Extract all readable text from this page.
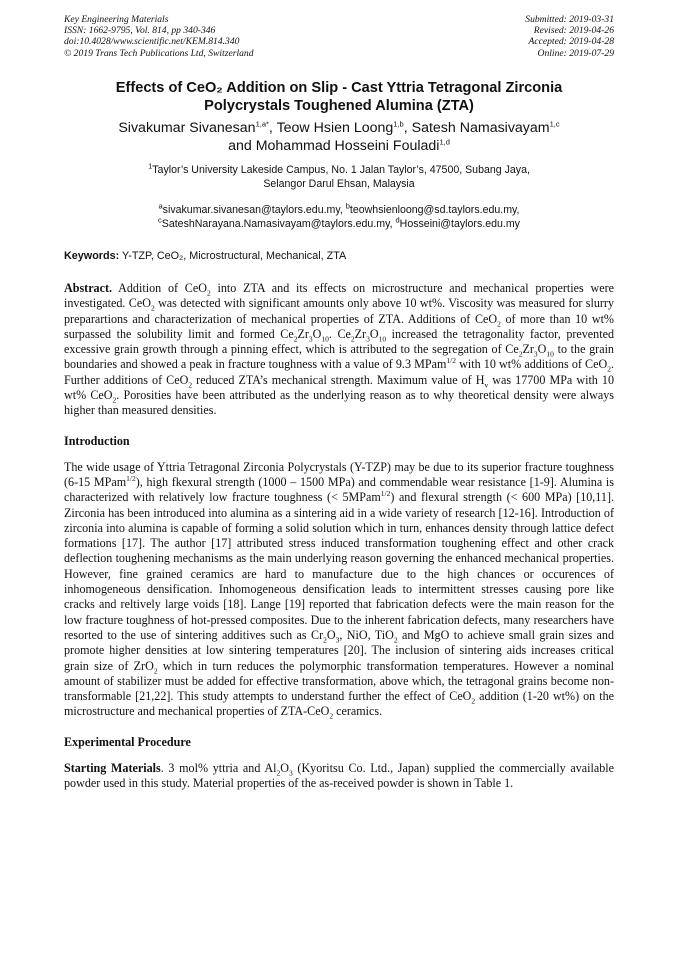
Key Engineering Materials
ISSN: 1662-9795, Vol. 814, pp 340-346
doi:10.4028/www.scientific.net/KEM.814.340
© 2019 Trans Tech Publications Ltd, Switzerland
Submitted: 2019-03-31
Revised: 2019-04-26
Accepted: 2019-04-28
Online: 2019-07-29
Effects of CeO₂ Addition on Slip - Cast Yttria Tetragonal Zirconia
Polycrystals Toughened Alumina (ZTA)
Sivakumar Sivanesan$^{1,a*}$, Teow Hsien Loong$^{1,b}$, Satesh Namasivayam$^{1,c}$
and Mohammad Hosseini Fouladi$^{1,d}$
$^1$Taylor’s University Lakeside Campus, No. 1 Jalan Taylor’s, 47500, Subang Jaya,
Selangor Darul Ehsan, Malaysia
$^a$sivakumar.sivanesan@taylors.edu.my, $^b$teowhsienloong@sd.taylors.edu.my,
$^c$SateshNarayana.Namasivayam@taylors.edu.my, $^d$Hosseini@taylors.edu.my
Keywords: Y-TZP, CeO₂, Microstructural, Mechanical, ZTA
Abstract. Addition of CeO$_2$ into ZTA and its effects on microstructure and mechanical properties were investigated. CeO$_2$ was detected with significant amounts only above 10 wt%. Viscosity was measured for slurry preparartions and characterization of mechanical properties of ZTA. Additions of CeO$_2$ of more than 10 wt% surpassed the solubility limit and formed $Ce_2Zr_3O_{10}$. $Ce_2Zr_3O_{10}$ increased the tetragonality factor, prevented excessive grain growth through a pinning effect, which is attributed to the segregation of $Ce_2Zr_3O_{10}$ to the grain boundaries and showed a peak in fracture toughness with a value of 9.3 MPam$^{1/2}$ with 10 wt% additions of CeO$_2$. Further additions of CeO$_2$ reduced ZTA’s mechanical strength. Maximum value of $H_v$ was 17700 MPa with 10 wt% CeO$_2$. Porosities have been attributed as the underlying reason as to why theoretical density were always higher than measured densities.
Introduction
The wide usage of Yttria Tetragonal Zirconia Polycrystals (Y-TZP) may be due to its superior fracture toughness (6-15 MPam$^{1/2}$), high fkexural strength (1000 – 1500 MPa) and commendable wear resistance [1-9]. Alumina is characterized with relatively low fracture toughness (< 5MPam$^{1/2}$) and flexural strength (< 600 MPa) [10,11]. Zirconia has been introduced into alumina as a sintering aid in a wide variety of research [12-16]. Introduction of zirconia into alumina is capable of forming a solid solution which in turn, enhances density through lattice defect formations [17]. The author [17] attributed stress induced transformation toughening effect and other crack deflection toughening mechanisms as the main underlying reason governing the enhanced mechanical properties. However, fine grained ceramics are hard to manufacture due to the high chances or occurences of inhomogeneous densification. Inhomogeneous densification leads to intermittent stresses causing pore like cracks and reltively large voids [18]. Lange [19] reported that fabrication defects were the main reason for the low fracture toughness of hot-pressed composites. Due to the inherent fabrication defects, many researchers have resorted to the use of sintering additives such as $Cr_2O_3$, NiO, TiO$_2$ and MgO to achieve small grain sizes and promote higher densities at low sintering temperatures [20]. The inclusion of sintering aids increases critical grain size of ZrO$_2$ which in turn reduces the polymorphic transformation temperatures. However a nominal amount of stabilizer must be added for effective transformation, above which, the tetragonal grains become non-transformable [21,22]. This study attempts to understand further the effect of CeO$_2$ addition (1-20 wt%) on the microstructure and mechanical properties of ZTA-CeO$_2$ ceramics.
Experimental Procedure
Starting Materials. 3 mol% yttria and $Al_2O_3$ (Kyoritsu Co. Ltd., Japan) supplied the commercially available powder used in this study. Material properties of the as-received powder is shown in Table 1.
